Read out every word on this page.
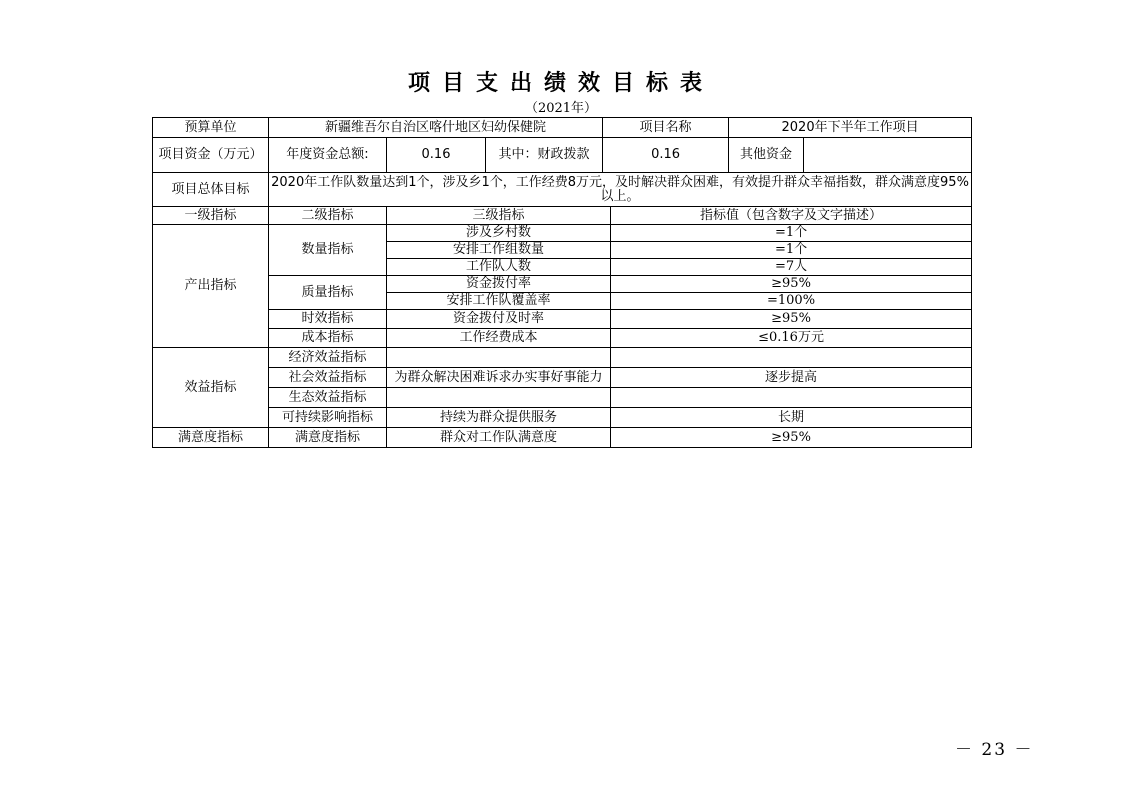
项目支出绩效目标表
（2021年）
预算单位	新疆维吾尔自治区喀什地区妇幼保健院			项目名称		2020年下半年工作项目	
项目资金（万元）	年度资金总额:	0.16	其中：财政拨款	0.16		其他资金	
项目总体目标	2020年工作队数量达到1个，涉及乡1个，工作经费8万元，及时解决群众困难，有效提升群众幸福指数，群众满意度95%以上。						
一级指标	二级指标	三级指标			指标值（包含数字及文字描述）		
产出指标	数量指标	涉及乡村数			=1个		
		安排工作组数量			=1个		
		工作队人数			=7人		
	质量指标	资金拨付率			≥95%		
		安排工作队覆盖率			=100%		
	时效指标	资金拨付及时率			≥95%		
	成本指标	工作经费成本			≤0.16万元		
效益指标	经济效益指标						
	社会效益指标	为群众解决困难诉求办实事好事能力			逐步提高		
	生态效益指标						
	可持续影响指标	持续为群众提供服务			长期		
满意度指标	满意度指标	群众对工作队满意度			≥95%		
－ 23 －
